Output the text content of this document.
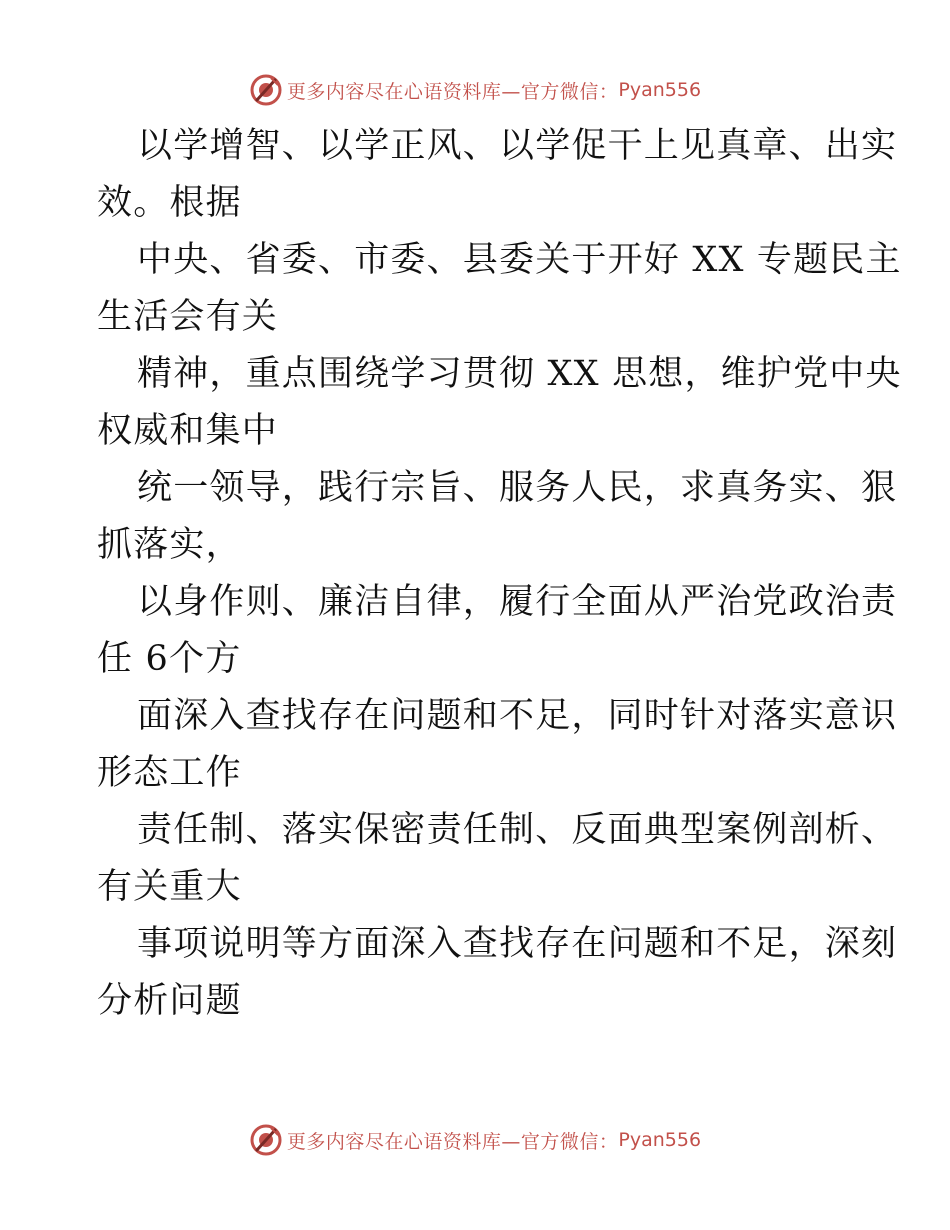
更多内容尽在心语资料库—官方微信： Pyan556
以学增智、以学正风、以学促干上见真章、出实
效。根据
中央、省委、市委、县委关于开好 XX 专题民主
生活会有关
精神，重点围绕学习贯彻 XX 思想，维护党中央
权威和集中
统一领导，践行宗旨、服务人民，求真务实、狠
抓落实，
以身作则、廉洁自律，履行全面从严治党政治责
任 6个方
面深入查找存在问题和不足，同时针对落实意识
形态工作
责任制、落实保密责任制、反面典型案例剖析、
有关重大
事项说明等方面深入查找存在问题和不足，深刻
分析问题
更多内容尽在心语资料库—官方微信： Pyan556
